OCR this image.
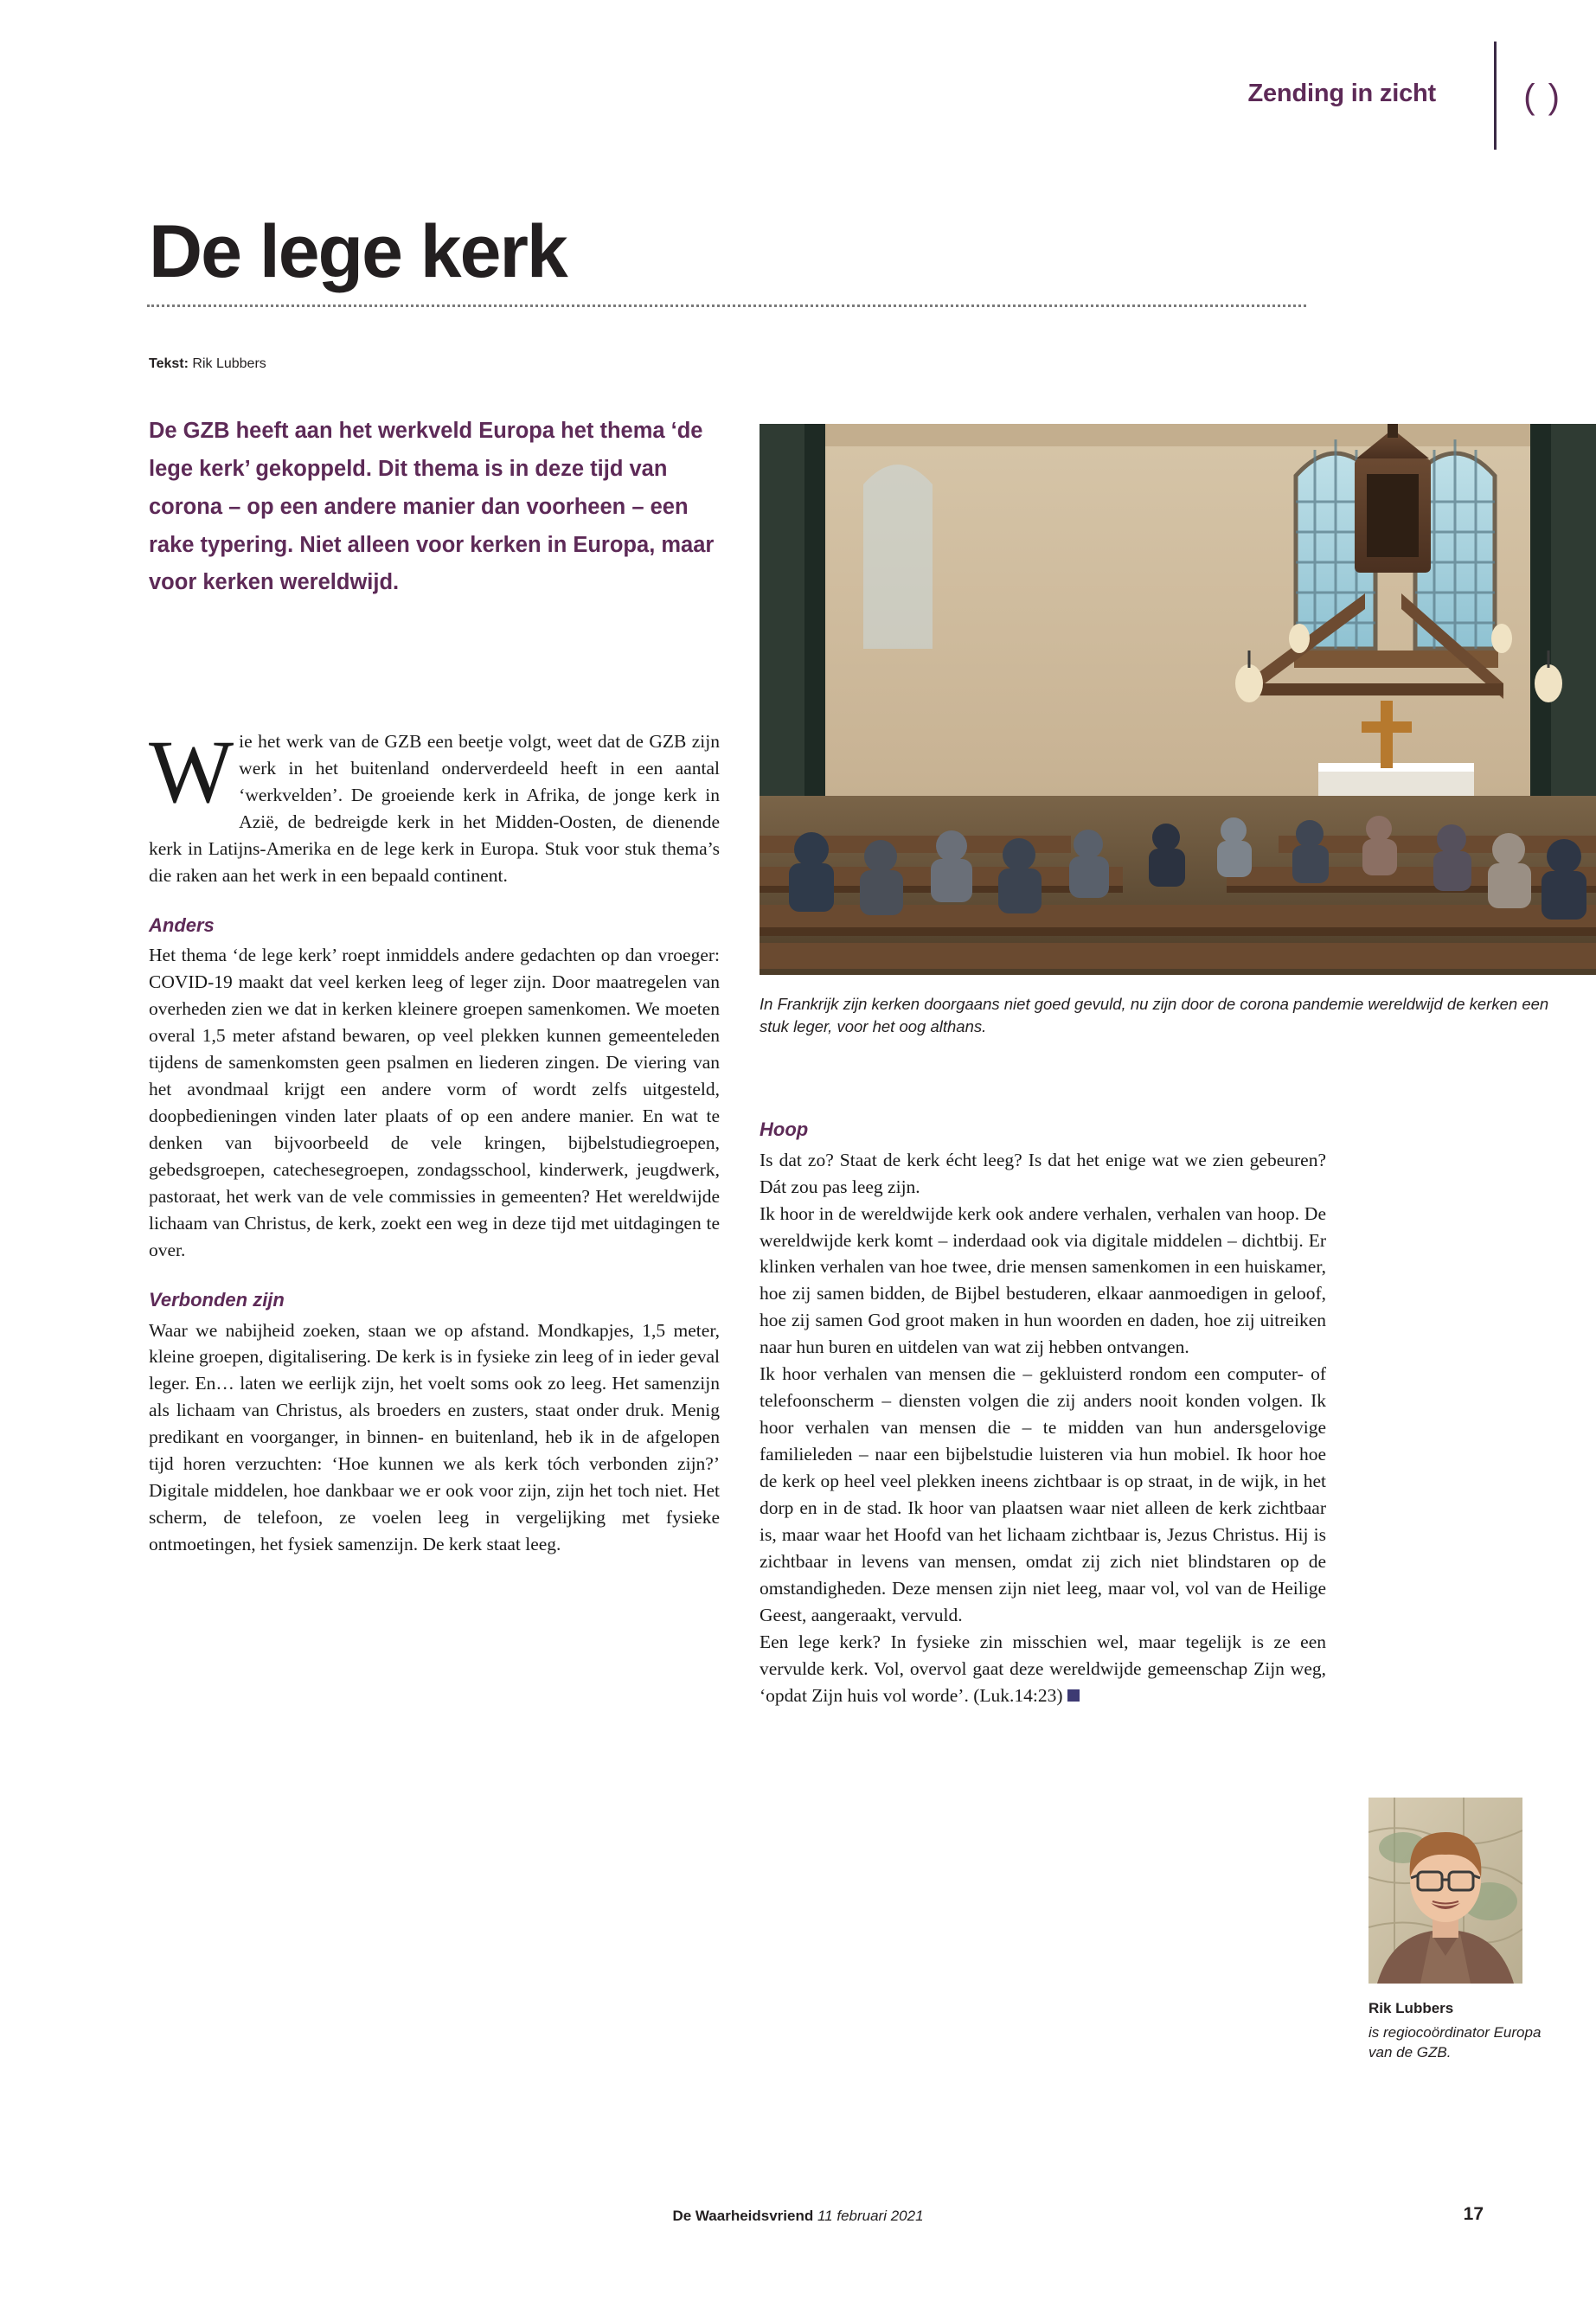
Zending in zicht	( )
De lege kerk
Tekst: Rik Lubbers
De GZB heeft aan het werkveld Europa het thema ‘de lege kerk’ gekoppeld. Dit thema is in deze tijd van corona – op een andere manier dan voorheen – een rake typering. Niet alleen voor kerken in Europa, maar voor kerken wereldwijd.
In Frankrijk zijn kerken doorgaans niet goed gevuld, nu zijn door de corona pandemie wereldwijd de kerken een stuk leger, voor het oog althans.

W ie het werk van de GZB een beetje volgt, weet dat de GZB zijn werk in het buitenland onderverdeeld heeft in een aantal ‘werkvelden’. De groeiende kerk in Afrika, de jonge kerk in Azië, de bedreigde kerk in het Midden-Oosten, de dienende kerk in Latijns-Amerika en de lege kerk in Europa. Stuk voor stuk thema’s die raken aan het werk in een bepaald continent.

Anders

Het thema ‘de lege kerk’ roept inmiddels andere gedachten op dan vroeger: COVID-19 maakt dat veel kerken leeg of leger zijn. Door maatregelen van overheden zien we dat in kerken kleinere groepen samenkomen. We moeten overal 1,5 meter afstand bewaren, op veel plekken kunnen gemeenteleden tijdens de samenkomsten geen psalmen en liederen zingen. De viering van het avondmaal krijgt een andere vorm of wordt zelfs uitgesteld, doopbedieningen vinden later plaats of op een andere manier. En wat te denken van bijvoorbeeld de vele kringen, bijbelstudiegroepen, gebedsgroepen, catechesegroepen, zondagsschool, kinderwerk, jeugdwerk, pastoraat, het werk van de vele commissies in gemeenten? Het wereldwijde lichaam van Christus, de kerk, zoekt een weg in deze tijd met uitdagingen te over.

Verbonden zijn

Waar we nabijheid zoeken, staan we op afstand. Mondkapjes, 1,5 meter, kleine groepen, digitalisering. De kerk is in fysieke zin leeg of in ieder geval leger. En… laten we eerlijk zijn, het voelt soms ook zo leeg. Het samenzijn als lichaam van Christus, als broeders en zusters, staat onder druk. Menig predikant en voorganger, in binnen- en buitenland, heb ik in de afgelopen tijd horen verzuchten: ‘Hoe kunnen we als kerk tóch verbonden zijn?’ Digitale middelen, hoe dankbaar we er ook voor zijn, zijn het toch niet. Het scherm, de telefoon, ze voelen leeg in vergelijking met fysieke ontmoetingen, het fysiek samenzijn. De kerk staat leeg.

Hoop

Is dat zo? Staat de kerk écht leeg? Is dat het enige wat we zien gebeuren? Dát zou pas leeg zijn.

Ik hoor in de wereldwijde kerk ook andere verhalen, verhalen van hoop. De wereldwijde kerk komt – inderdaad ook via digitale middelen – dichtbij. Er klinken verhalen van hoe twee, drie mensen samenkomen in een huiskamer, hoe zij samen bidden, de Bijbel bestuderen, elkaar aanmoedigen in geloof, hoe zij samen God groot maken in hun woorden en daden, hoe zij uitreiken naar hun buren en uitdelen van wat zij hebben ontvangen.

Ik hoor verhalen van mensen die – gekluisterd rondom een computer- of telefoonscherm – diensten volgen die zij anders nooit konden volgen. Ik hoor verhalen van mensen die – te midden van hun andersgelovige familieleden – naar een bijbelstudie luisteren via hun mobiel. Ik hoor hoe de kerk op heel veel plekken ineens zichtbaar is op straat, in de wijk, in het dorp en in de stad. Ik hoor van plaatsen waar niet alleen de kerk zichtbaar is, maar waar het Hoofd van het lichaam zichtbaar is, Jezus Christus. Hij is zichtbaar in levens van mensen, omdat zij zich niet blindstaren op de omstandigheden. Deze mensen zijn niet leeg, maar vol, vol van de Heilige Geest, aangeraakt, vervuld.

Een lege kerk? In fysieke zin misschien wel, maar tegelijk is ze een vervulde kerk. Vol, overvol gaat deze wereldwijde gemeenschap Zijn weg, ‘opdat Zijn huis vol worde’. (Luk.14:23)

Rik Lubbers
is regiocoördinator Europa van de GZB.
De Waarheidsvriend 11 februari 2021	17
